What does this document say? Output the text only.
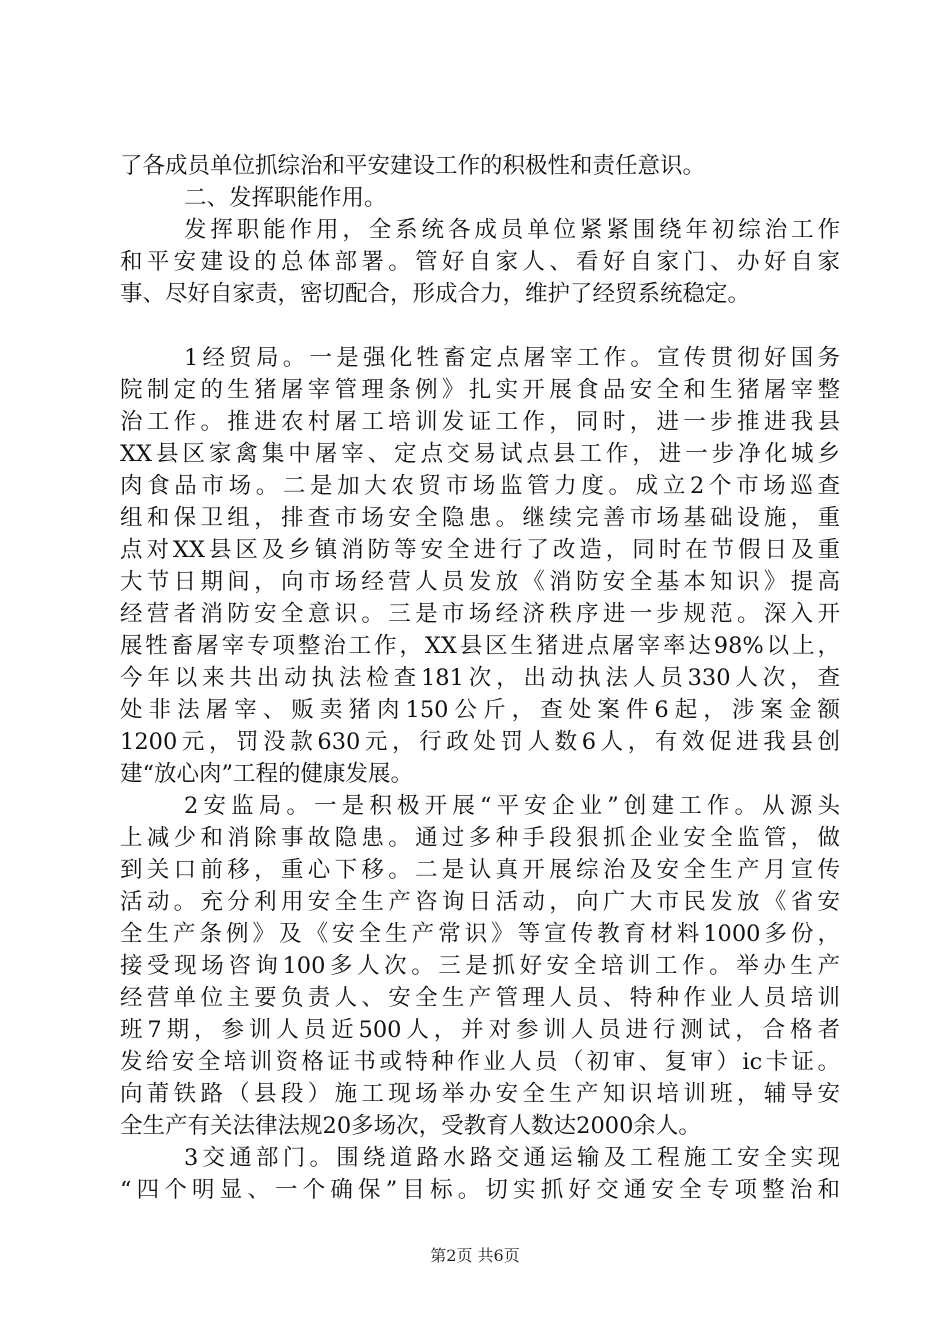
了各成员单位抓综治和平安建设工作的积极性和责任意识。
二、发挥职能作用。
发挥职能作用，全系统各成员单位紧紧围绕年初综治工作
和平安建设的总体部署。管好自家人、看好自家门、办好自家
事、尽好自家责，密切配合，形成合力，维护了经贸系统稳定。
1经贸局。一是强化牲畜定点屠宰工作。宣传贯彻好国务
院制定的生猪屠宰管理条例》扎实开展食品安全和生猪屠宰整
治工作。推进农村屠工培训发证工作，同时，进一步推进我县
XX县区家禽集中屠宰、定点交易试点县工作，进一步净化城乡
肉食品市场。二是加大农贸市场监管力度。成立2个市场巡查
组和保卫组，排查市场安全隐患。继续完善市场基础设施，重
点对XX县区及乡镇消防等安全进行了改造，同时在节假日及重
大节日期间，向市场经营人员发放《消防安全基本知识》提高
经营者消防安全意识。三是市场经济秩序进一步规范。深入开
展牲畜屠宰专项整治工作，XX县区生猪进点屠宰率达98%以上，
今年以来共出动执法检查181次，出动执法人员330人次，查
处非法屠宰、贩卖猪肉150公斤，查处案件6起，涉案金额
1200元，罚没款630元，行政处罚人数6人，有效促进我县创
建“放心肉”工程的健康发展。
2安监局。一是积极开展“平安企业”创建工作。从源头
上减少和消除事故隐患。通过多种手段狠抓企业安全监管，做
到关口前移，重心下移。二是认真开展综治及安全生产月宣传
活动。充分利用安全生产咨询日活动，向广大市民发放《省安
全生产条例》及《安全生产常识》等宣传教育材料1000多份，
接受现场咨询100多人次。三是抓好安全培训工作。举办生产
经营单位主要负责人、安全生产管理人员、特种作业人员培训
班7期，参训人员近500人，并对参训人员进行测试，合格者
发给安全培训资格证书或特种作业人员（初审、复审）ic卡证。
向莆铁路（县段）施工现场举办安全生产知识培训班，辅导安
全生产有关法律法规20多场次，受教育人数达2000余人。
3交通部门。围绕道路水路交通运输及工程施工安全实现
“四个明显、一个确保”目标。切实抓好交通安全专项整治和
第2页 共6页
